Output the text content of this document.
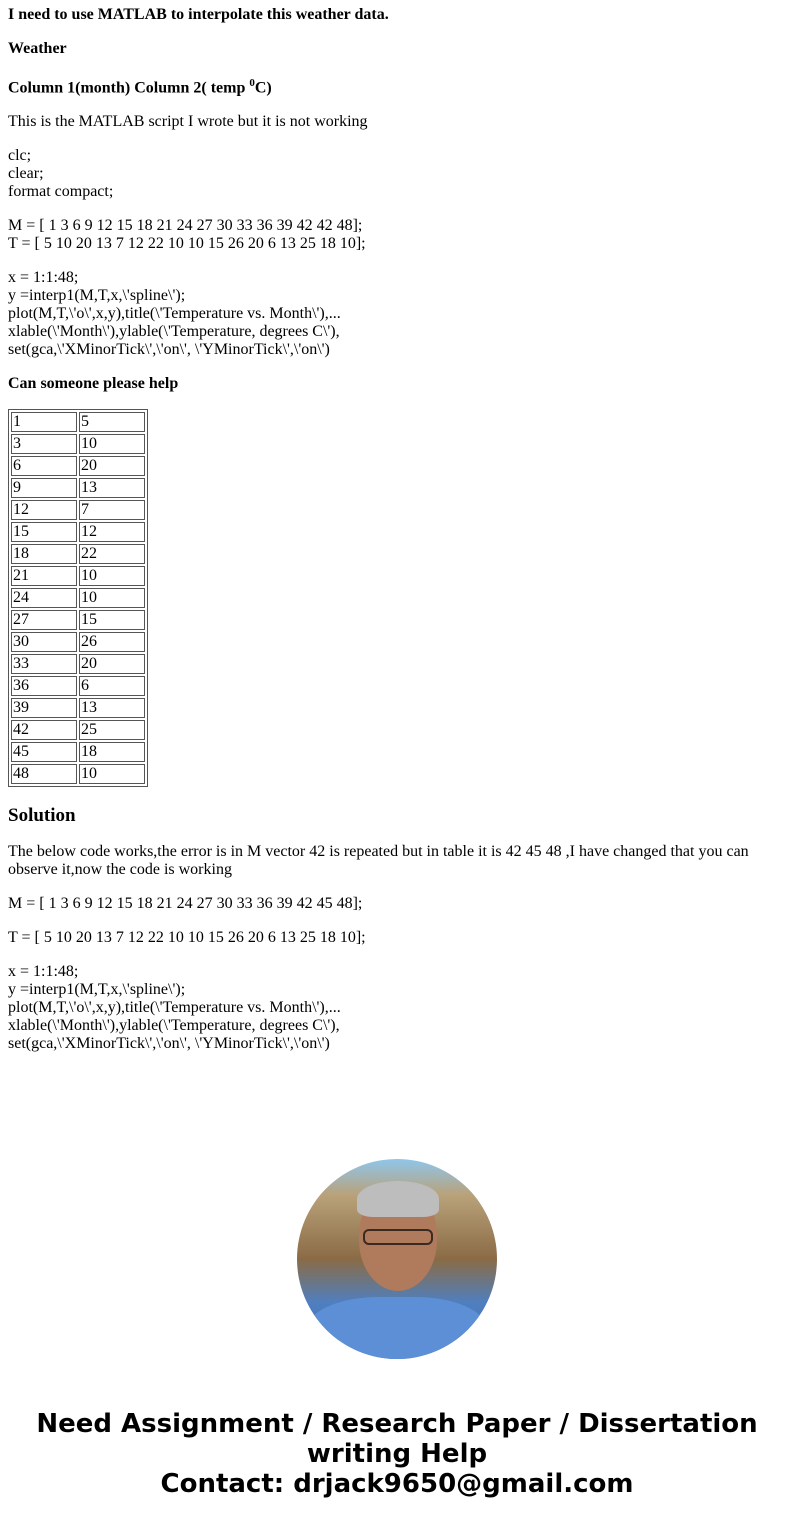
I need to use MATLAB to interpolate this weather data.

Weather

Column 1(month) Column 2( temp $^0$C)

This is the MATLAB script I wrote but it is not working

clc;
clear;
format compact;

M = [ 1 3 6 9 12 15 18 21 24 27 30 33 36 39 42 42 48];
T = [ 5 10 20 13 7 12 22 10 10 15 26 20 6 13 25 18 10];

x = 1:1:48;
y =interp1(M,T,x,\'spline\');
plot(M,T,\'o\',x,y),title(\'Temperature vs. Month\'),...
xlable(\'Month\'),ylable(\'Temperature, degrees C\'),
set(gca,\'XMinorTick\',\'on\', \'YMinorTick\',\'on\')

Can someone please help

1	5
3	10
6	20
9	13
12	7
15	12
18	22
21	10
24	10
27	15
30	26
33	20
36	6
39	13
42	25
45	18
48	10
Solution

The below code works,the error is in M vector 42 is repeated but in table it is 42 45 48 ,I have changed that you can observe it,now the code is working

M = [ 1 3 6 9 12 15 18 21 24 27 30 33 36 39 42 45 48];

T = [ 5 10 20 13 7 12 22 10 10 15 26 20 6 13 25 18 10];

x = 1:1:48;
y =interp1(M,T,x,\'spline\');
plot(M,T,\'o\',x,y),title(\'Temperature vs. Month\'),...
xlable(\'Month\'),ylable(\'Temperature, degrees C\'),
set(gca,\'XMinorTick\',\'on\', \'YMinorTick\',\'on\')

Need Assignment / Research Paper / Dissertation
writing Help
Contact: drjack9650@gmail.com
